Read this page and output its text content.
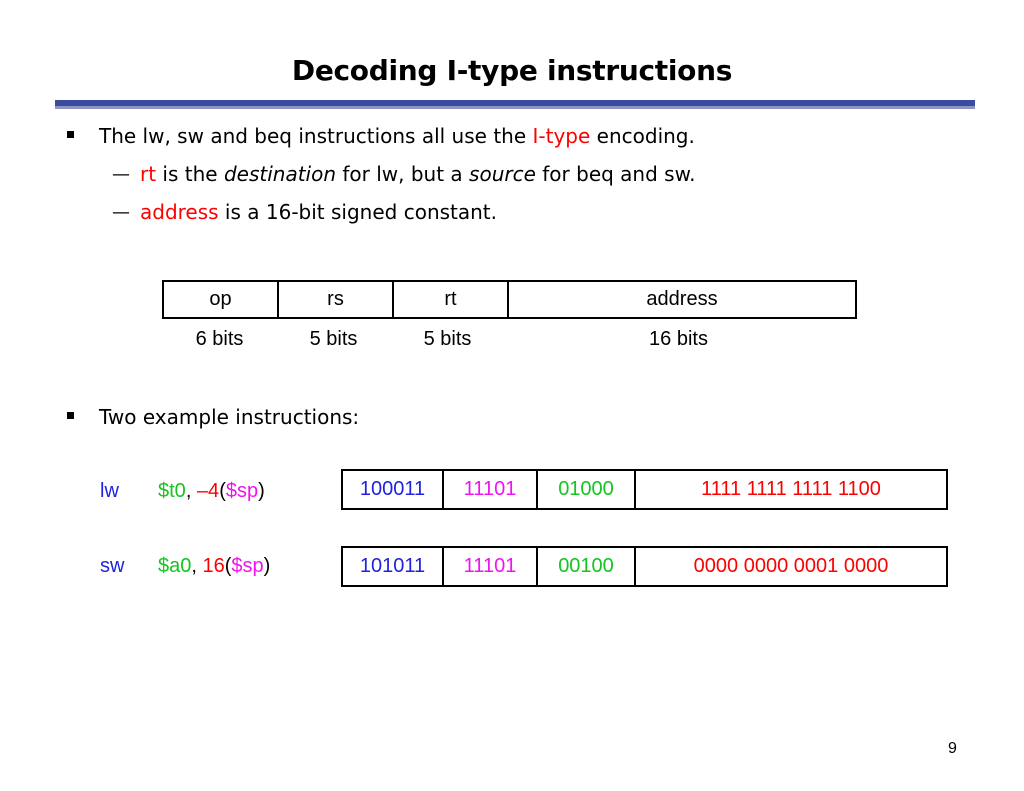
Decoding I-type instructions
The lw, sw and beq instructions all use the I-type encoding.
— rt is the destination for lw, but a source for beq and sw.
— address is a 16-bit signed constant.
op	rs	rt	address
6 bits	5 bits	5 bits	16 bits
Two example instructions:
lw $t0, –4($sp)	100011	11101	01000	1111 1111 1111 1100
sw $a0, 16($sp)	101011	11101	00100	0000 0000 0001 0000
9
